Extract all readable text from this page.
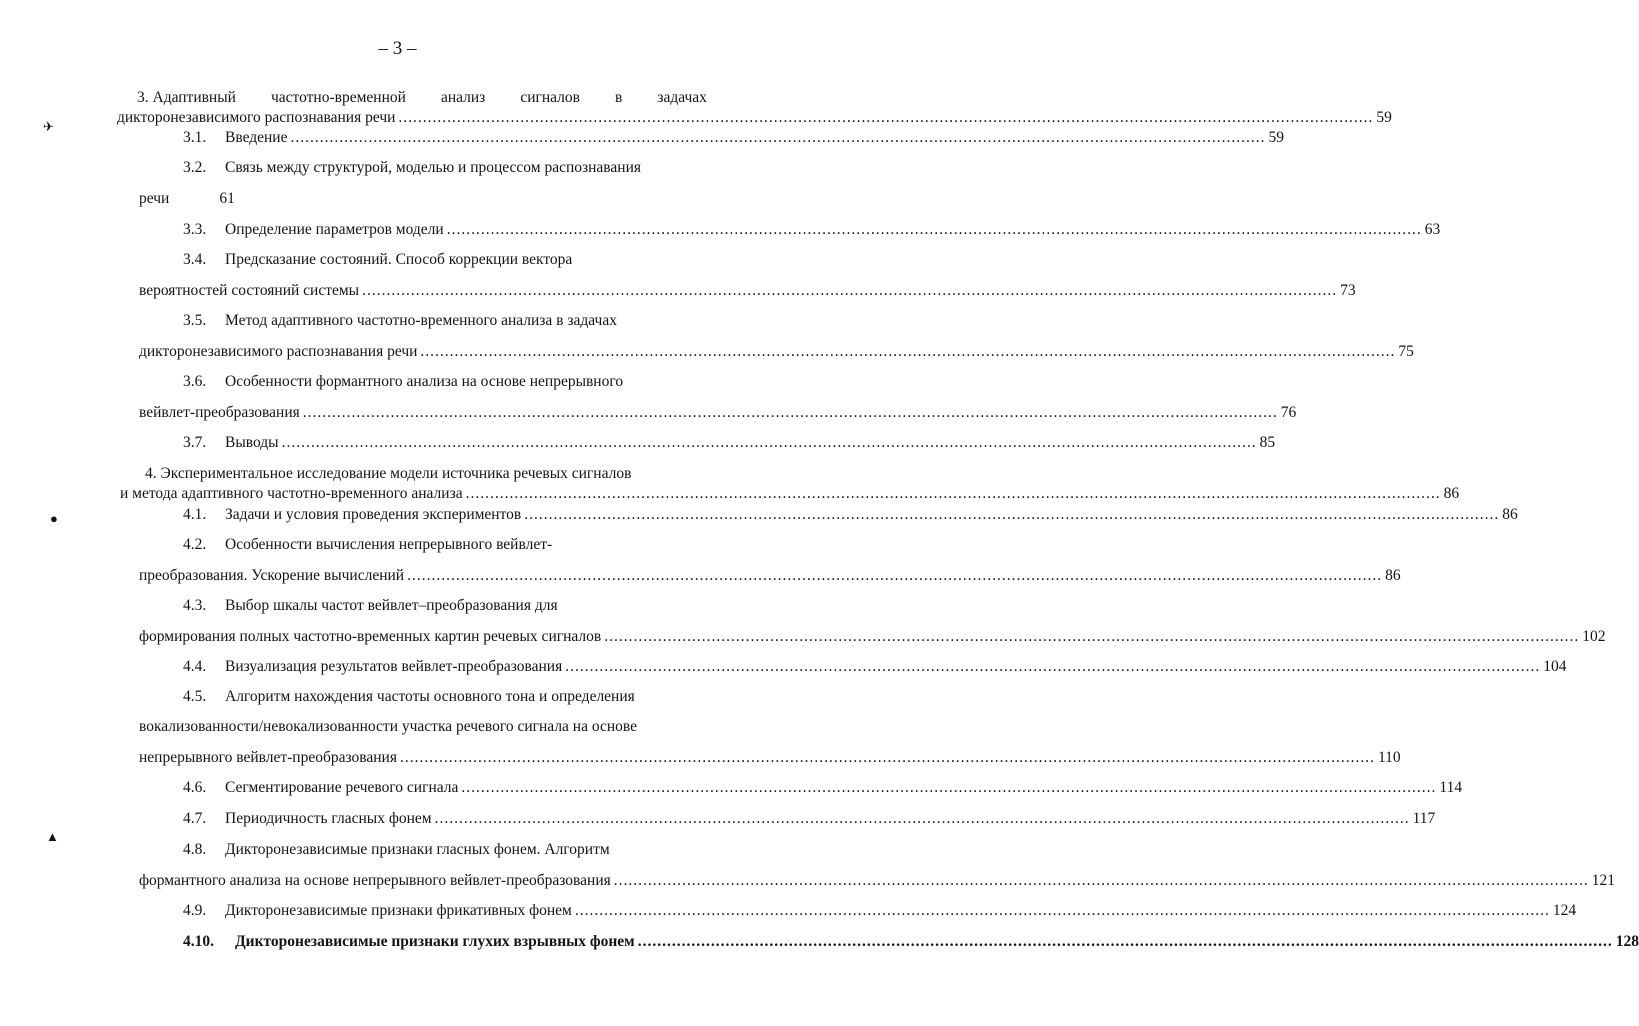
– 3 –
3. Адаптивный частотно-временной анализ сигналов в задачах
дикторонезависимого распознавания речи ........................................................................................................................................................................................................ 59
3.1. Введение ........................................................................................................................................................................................................ 59
3.2. Связь между структурой, моделью и процессом распознавания
речи	61
3.3. Определение параметров модели ........................................................................................................................................................................................................ 63
3.4. Предсказание состояний. Способ коррекции вектора
вероятностей состояний системы ........................................................................................................................................................................................................ 73
3.5. Метод адаптивного частотно-временного анализа в задачах
дикторонезависимого распознавания речи ........................................................................................................................................................................................................ 75
3.6. Особенности формантного анализа на основе непрерывного
вейвлет-преобразования ........................................................................................................................................................................................................ 76
3.7. Выводы ........................................................................................................................................................................................................ 85
4. Экспериментальное исследование модели источника речевых сигналов
и метода адаптивного частотно-временного анализа ........................................................................................................................................................................................................ 86
4.1. Задачи и условия проведения экспериментов ........................................................................................................................................................................................................ 86
4.2. Особенности вычисления непрерывного вейвлет-
преобразования. Ускорение вычислений ........................................................................................................................................................................................................ 86
4.3. Выбор шкалы частот вейвлет–преобразования для
формирования полных частотно-временных картин речевых сигналов ........................................................................................................................................................................................................ 102
4.4. Визуализация результатов вейвлет-преобразования ........................................................................................................................................................................................................ 104
4.5. Алгоритм нахождения частоты основного тона и определения
вокализованности/невокализованности участка речевого сигнала на основе
непрерывного вейвлет-преобразования ........................................................................................................................................................................................................ 110
4.6. Сегментирование речевого сигнала ........................................................................................................................................................................................................ 114
4.7. Периодичность гласных фонем ........................................................................................................................................................................................................ 117
4.8. Дикторонезависимые признаки гласных фонем. Алгоритм
формантного анализа на основе непрерывного вейвлет-преобразования ........................................................................................................................................................................................................ 121
4.9. Дикторонезависимые признаки фрикативных фонем ........................................................................................................................................................................................................ 124
4.10. Дикторонезависимые признаки глухих взрывных фонем ........................................................................................................................................................................................................ 128
✈
●
▲
